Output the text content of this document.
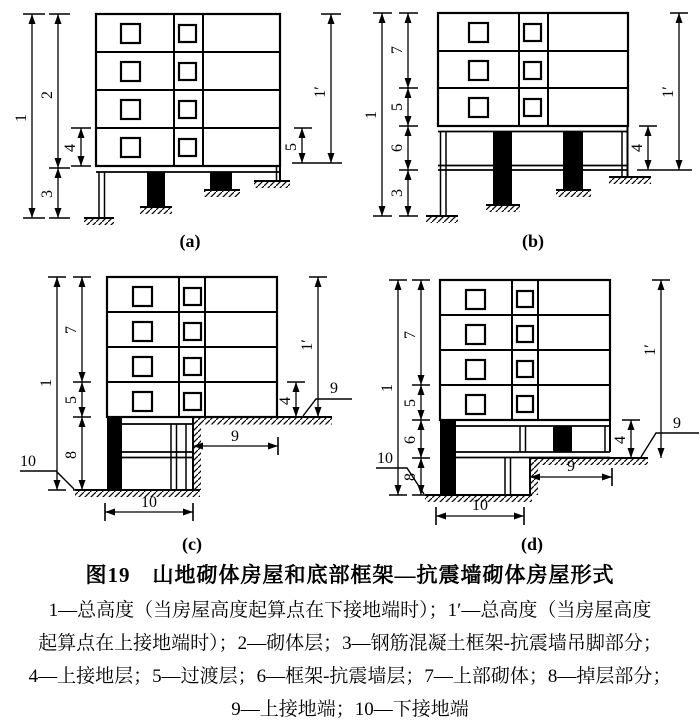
1
2
3
4	5
1′
(a)
1
7
5
6
3
4
1′
(b)
1
7
5
8
4
1′
10
9
9
10
(c)
1
7
5
6
8
4
1′
10
9
9
10
(d)
图19　山地砌体房屋和底部框架—抗震墙砌体房屋形式
1—总高度（当房屋高度起算点在下接地端时）；1′—总高度（当房屋高度
起算点在上接地端时）；2—砌体层；3—钢筋混凝土框架-抗震墙吊脚部分；
4—上接地层；5—过渡层；6—框架-抗震墙层；7—上部砌体；8—掉层部分；
9—上接地端；10—下接地端
